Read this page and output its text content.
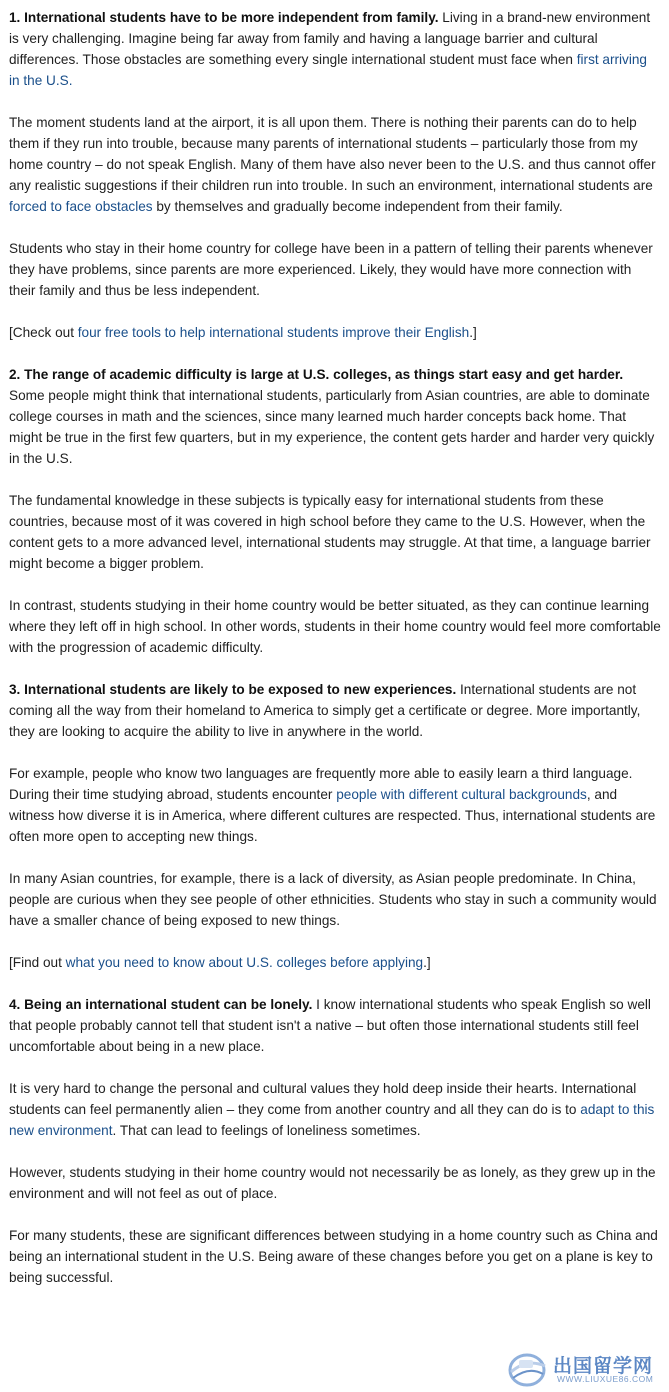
1. International students have to be more independent from family. Living in a brand-new environment is very challenging. Imagine being far away from family and having a language barrier and cultural differences. Those obstacles are something every single international student must face when first arriving in the U.S.

The moment students land at the airport, it is all upon them. There is nothing their parents can do to help them if they run into trouble, because many parents of international students – particularly those from my home country – do not speak English. Many of them have also never been to the U.S. and thus cannot offer any realistic suggestions if their children run into trouble. In such an environment, international students are forced to face obstacles by themselves and gradually become independent from their family.

Students who stay in their home country for college have been in a pattern of telling their parents whenever they have problems, since parents are more experienced. Likely, they would have more connection with their family and thus be less independent.

[Check out four free tools to help international students improve their English.]

2. The range of academic difficulty is large at U.S. colleges, as things start easy and get harder. Some people might think that international students, particularly from Asian countries, are able to dominate college courses in math and the sciences, since many learned much harder concepts back home. That might be true in the first few quarters, but in my experience, the content gets harder and harder very quickly in the U.S.

The fundamental knowledge in these subjects is typically easy for international students from these countries, because most of it was covered in high school before they came to the U.S. However, when the content gets to a more advanced level, international students may struggle. At that time, a language barrier might become a bigger problem.

In contrast, students studying in their home country would be better situated, as they can continue learning where they left off in high school. In other words, students in their home country would feel more comfortable with the progression of academic difficulty.

3. International students are likely to be exposed to new experiences. International students are not coming all the way from their homeland to America to simply get a certificate or degree. More importantly, they are looking to acquire the ability to live in anywhere in the world.

For example, people who know two languages are frequently more able to easily learn a third language. During their time studying abroad, students encounter people with different cultural backgrounds, and witness how diverse it is in America, where different cultures are respected. Thus, international students are often more open to accepting new things.

In many Asian countries, for example, there is a lack of diversity, as Asian people predominate. In China, people are curious when they see people of other ethnicities. Students who stay in such a community would have a smaller chance of being exposed to new things.

[Find out what you need to know about U.S. colleges before applying.]

4. Being an international student can be lonely. I know international students who speak English so well that people probably cannot tell that student isn't a native – but often those international students still feel uncomfortable about being in a new place.

It is very hard to change the personal and cultural values they hold deep inside their hearts. International students can feel permanently alien – they come from another country and all they can do is to adapt to this new environment. That can lead to feelings of loneliness sometimes.

However, students studying in their home country would not necessarily be as lonely, as they grew up in the environment and will not feel as out of place.

For many students, these are significant differences between studying in a home country such as China and being an international student in the U.S. Being aware of these changes before you get on a plane is key to being successful.

出国留学网
WWW.LIUXUE86.COM
